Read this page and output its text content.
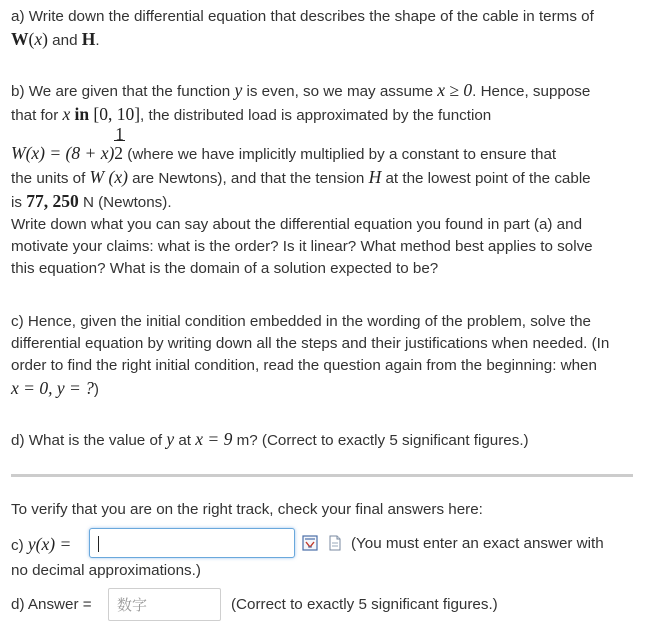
a) Write down the differential equation that describes the shape of the cable in terms of
W(x) and H.

b) We are given that the function y is even, so we may assume x ≥ 0. Hence, suppose
that for x in [0, 10], the distributed load is approximated by the function

$W(x) = (8 + x) \frac{1}{2}$ (where we have implicitly multiplied by a constant to ensure that
the units of W (x) are Newtons), and that the tension H at the lowest point of the cable
is 77, 250 N (Newtons).

Write down what you can say about the differential equation you found in part (a) and
motivate your claims: what is the order? Is it linear? What method best applies to solve
this equation? What is the domain of a solution expected to be?

c) Hence, given the initial condition embedded in the wording of the problem, solve the
differential equation by writing down all the steps and their justifications when needed. (In
order to find the right initial condition, read the question again from the beginning: when
x = 0, y = ?)

d) What is the value of y at x = 9 m? (Correct to exactly 5 significant figures.)

To verify that you are on the right track, check your final answers here:

c) y(x) =	(You must enter an exact answer with
no decimal approximations.)
d) Answer =
数字	(Correct to exactly 5 significant figures.)
